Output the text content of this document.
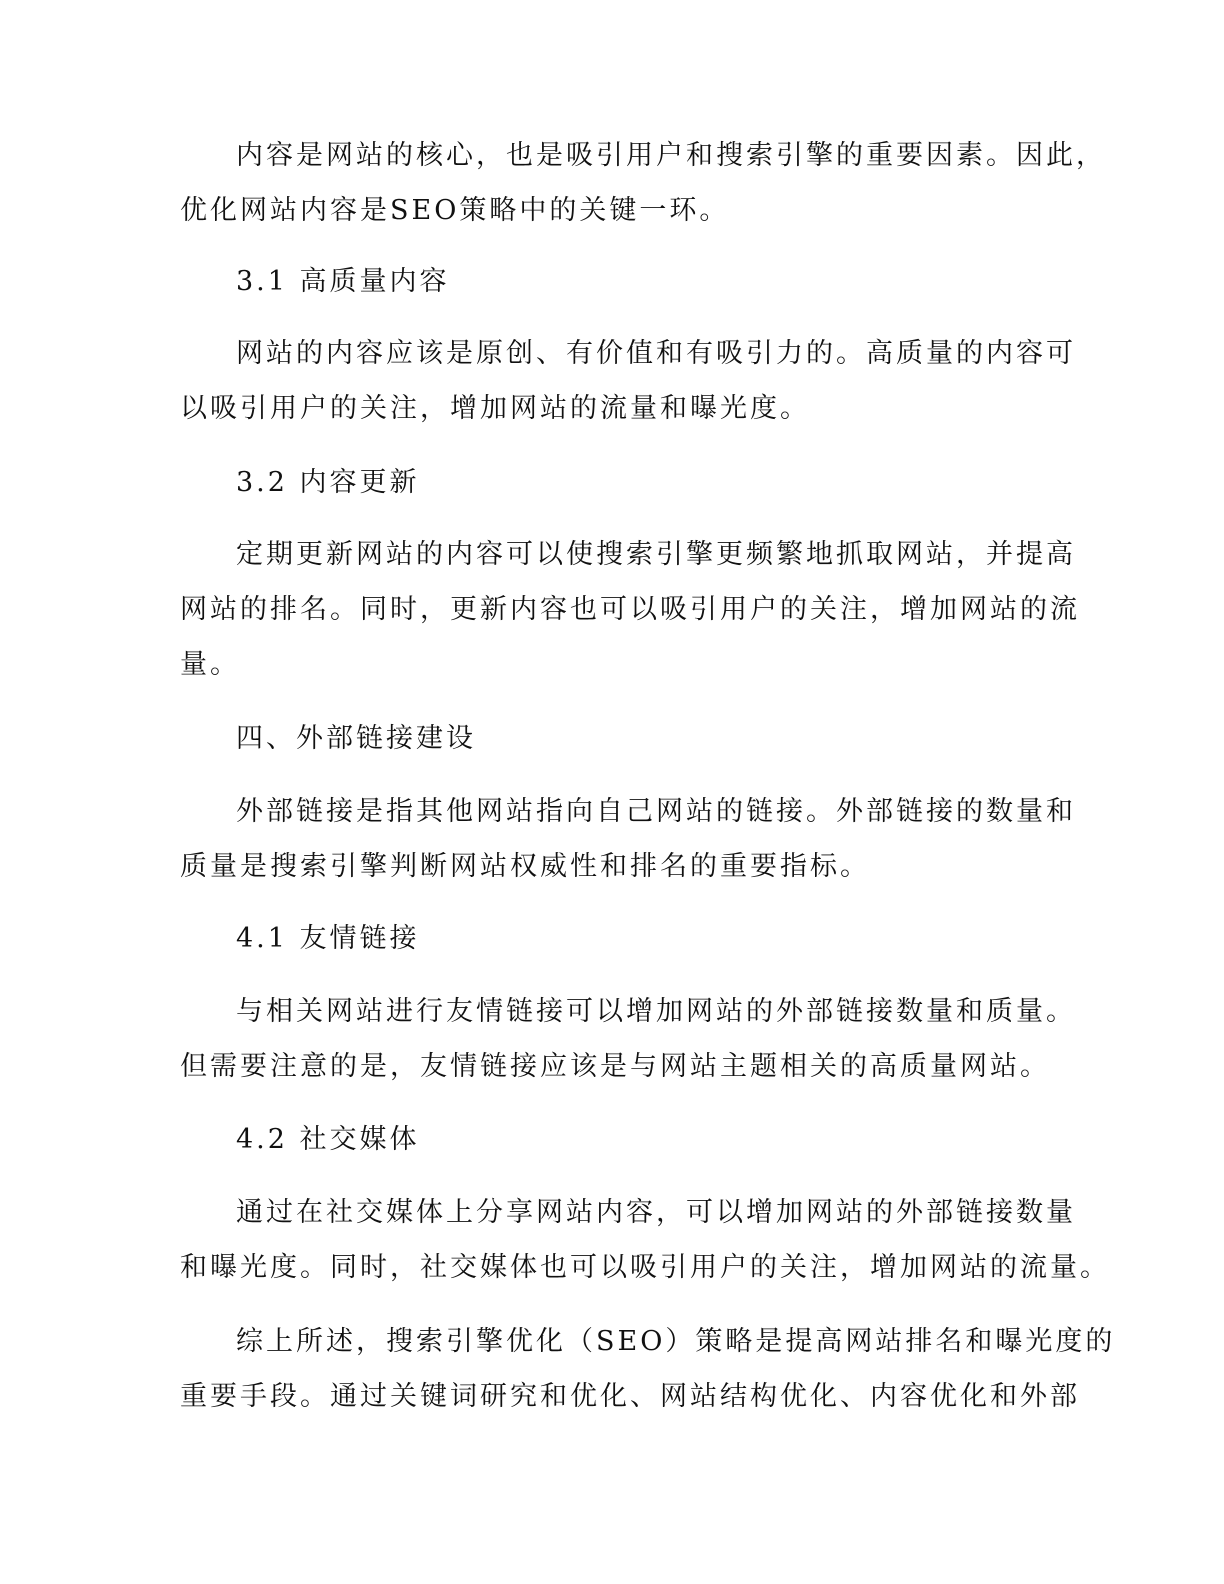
内容是网站的核心，也是吸引用户和搜索引擎的重要因素。因此，
优化网站内容是SEO策略中的关键一环。
3.1 高质量内容
网站的内容应该是原创、有价值和有吸引力的。高质量的内容可
以吸引用户的关注，增加网站的流量和曝光度。
3.2 内容更新
定期更新网站的内容可以使搜索引擎更频繁地抓取网站，并提高
网站的排名。同时，更新内容也可以吸引用户的关注，增加网站的流
量。
四、外部链接建设
外部链接是指其他网站指向自己网站的链接。外部链接的数量和
质量是搜索引擎判断网站权威性和排名的重要指标。
4.1 友情链接
与相关网站进行友情链接可以增加网站的外部链接数量和质量。
但需要注意的是，友情链接应该是与网站主题相关的高质量网站。
4.2 社交媒体
通过在社交媒体上分享网站内容，可以增加网站的外部链接数量
和曝光度。同时，社交媒体也可以吸引用户的关注，增加网站的流量。
综上所述，搜索引擎优化（SEO）策略是提高网站排名和曝光度的
重要手段。通过关键词研究和优化、网站结构优化、内容优化和外部
